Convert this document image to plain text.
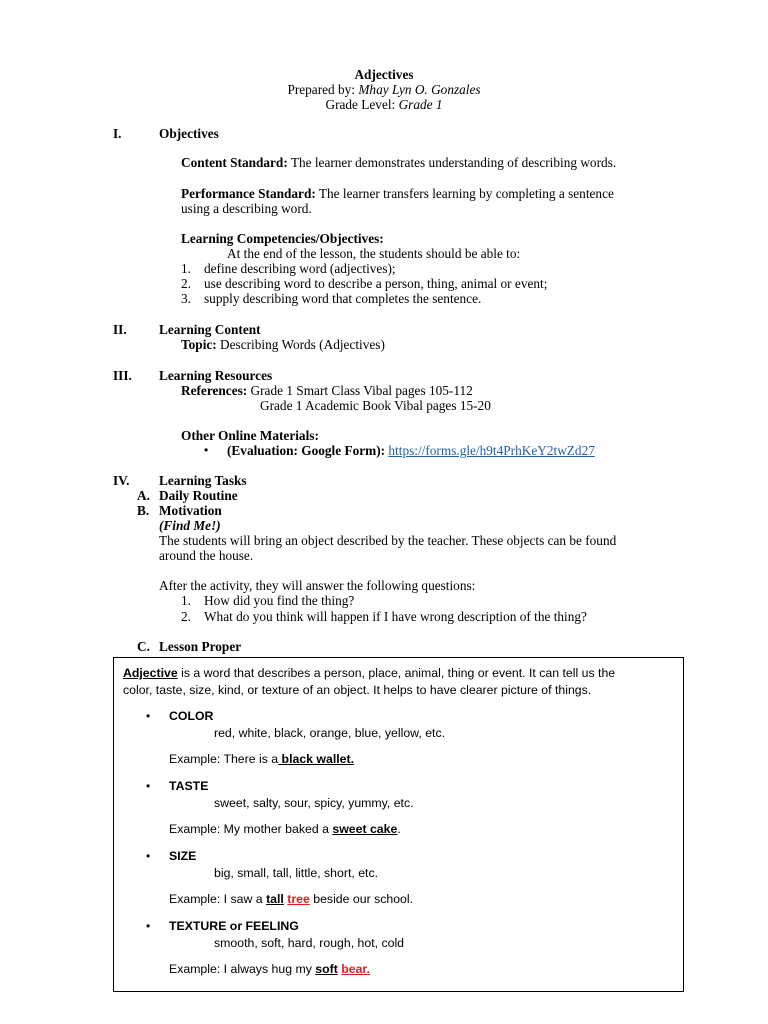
Adjectives
Prepared by: Mhay Lyn O. Gonzales
Grade Level: Grade 1
I.	Objectives
Content Standard: The learner demonstrates understanding of describing words.
Performance Standard: The learner transfers learning by completing a sentence
using a describing word.
Learning Competencies/Objectives:
At the end of the lesson, the students should be able to:
1. define describing word (adjectives);
2. use describing word to describe a person, thing, animal or event;
3. supply describing word that completes the sentence.
II. Learning Content
Topic: Describing Words (Adjectives)
III. Learning Resources
References: Grade 1 Smart Class Vibal pages 105-112
Grade 1 Academic Book Vibal pages 15-20
Other Online Materials:
• (Evaluation: Google Form): https://forms.gle/h9t4PrhKeY2twZd27
IV. Learning Tasks
A. Daily Routine
B. Motivation
(Find Me!)
The students will bring an object described by the teacher. These objects can be found
around the house.
After the activity, they will answer the following questions:
1. How did you find the thing?
2. What do you think will happen if I have wrong description of the thing?
C. Lesson Proper
Adjective is a word that describes a person, place, animal, thing or event. It can tell us the
color, taste, size, kind, or texture of an object. It helps to have clearer picture of things.
• COLOR
red, white, black, orange, blue, yellow, etc.
Example: There is a black wallet.
• TASTE
sweet, salty, sour, spicy, yummy, etc.
Example: My mother baked a sweet cake.
• SIZE
big, small, tall, little, short, etc.
Example: I saw a tall tree beside our school.
• TEXTURE or FEELING
smooth, soft, hard, rough, hot, cold
Example: I always hug my soft bear.
